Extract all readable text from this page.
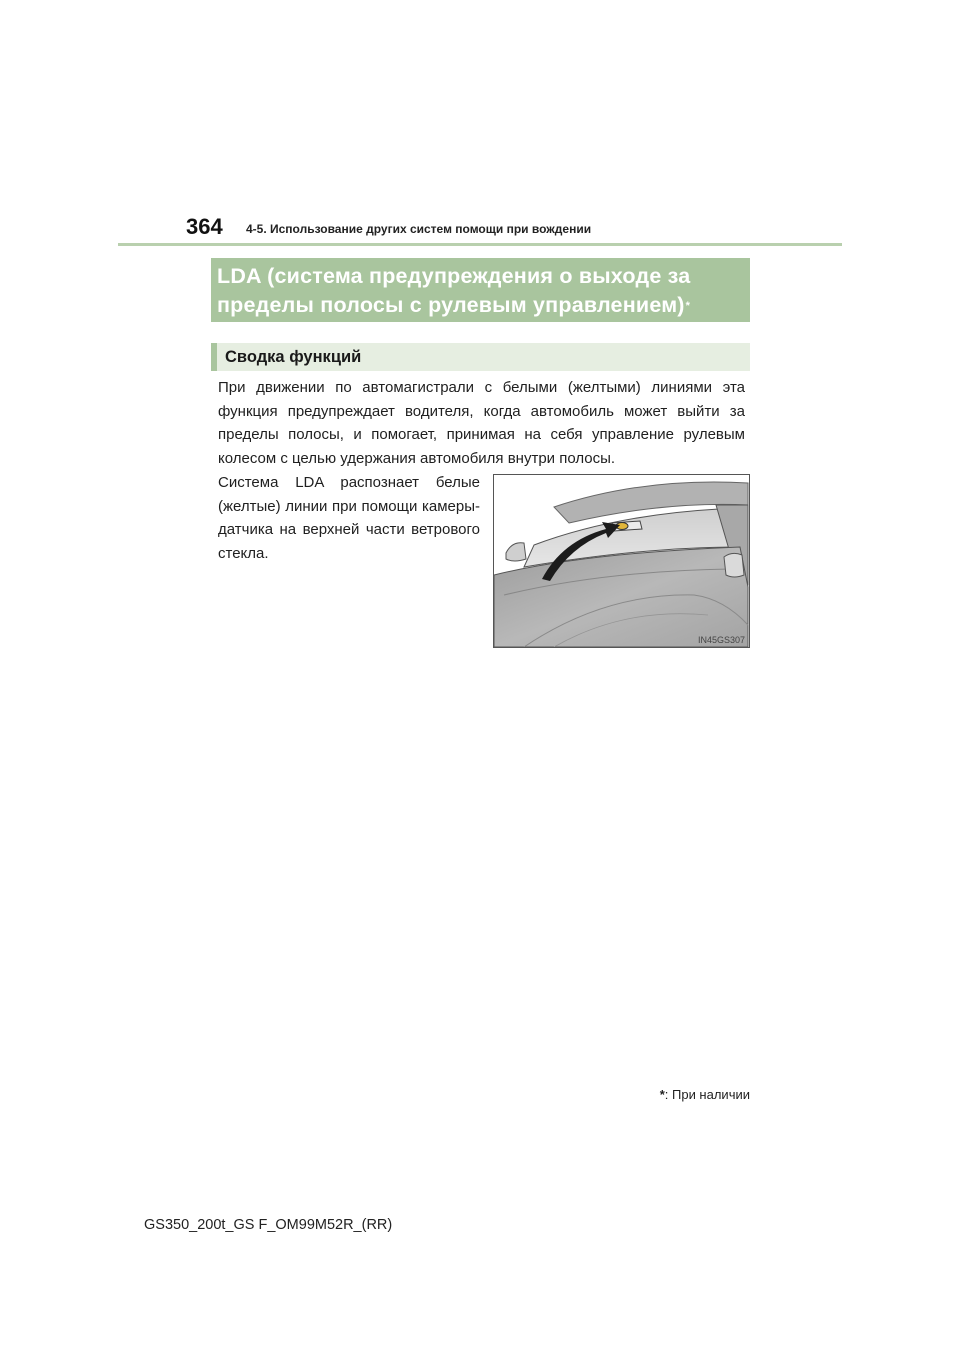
364 4-5. Использование других систем помощи при вождении
LDA (система предупреждения о выходе за
пределы полосы с рулевым управлением)*
Сводка функций

При движении по автомагистрали с белыми (желтыми) линиями эта функция предупреждает водителя, когда автомобиль может выйти за пределы полосы, и помогает, принимая на себя управление рулевым колесом с целью удержания автомобиля внутри полосы.

Система LDA распознает белые (желтые) линии при помощи камеры-датчика на верхней части ветрового стекла.

IN45GS307
*: При наличии
GS350_200t_GS F_OM99M52R_(RR)
